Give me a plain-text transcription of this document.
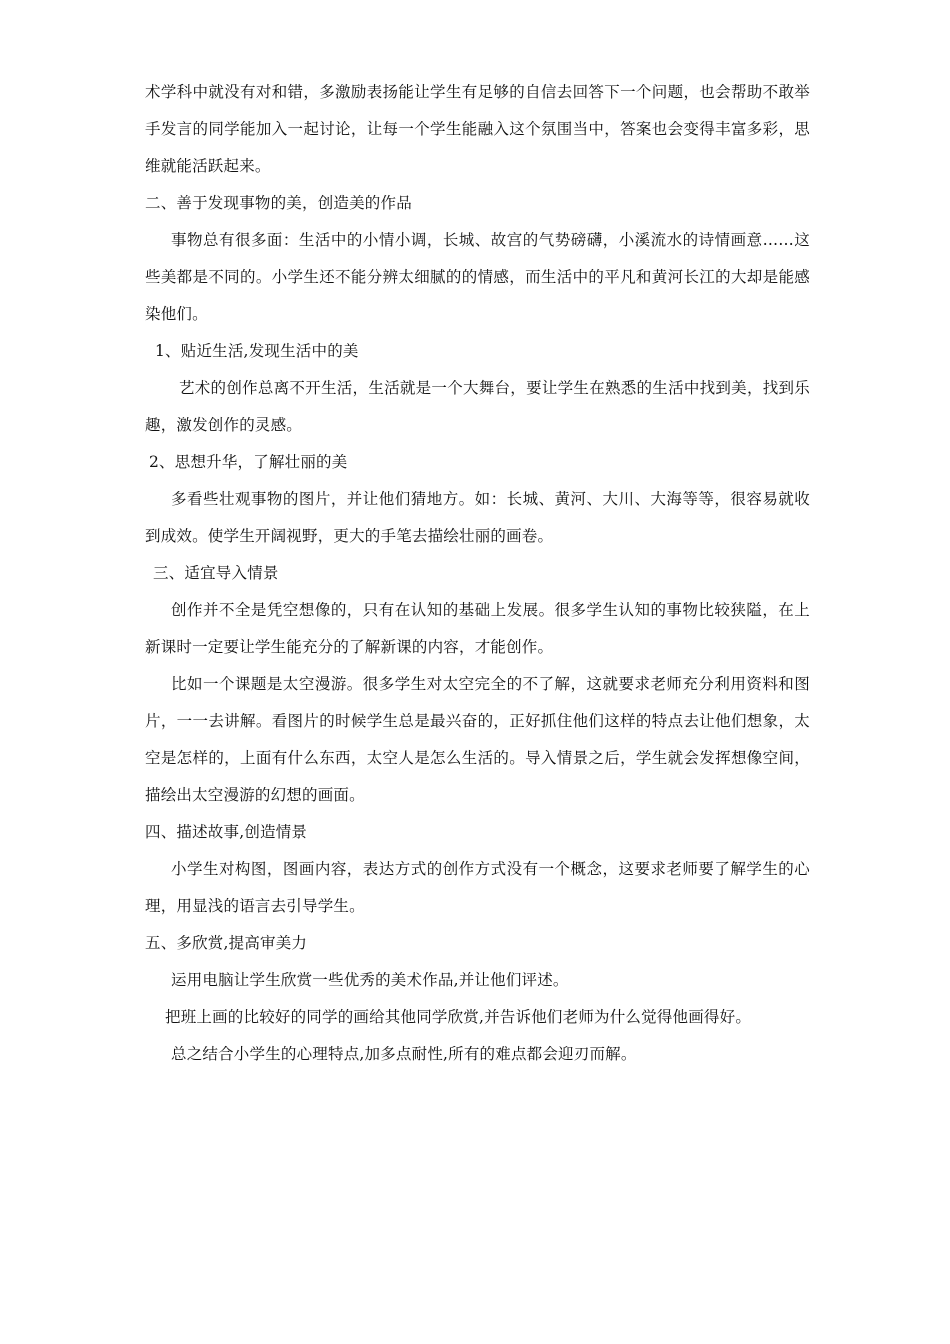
术学科中就没有对和错，多激励表扬能让学生有足够的自信去回答下一个问题，也会帮助不敢举手发言的同学能加入一起讨论，让每一个学生能融入这个氛围当中，答案也会变得丰富多彩，思维就能活跃起来。

二、善于发现事物的美，创造美的作品

事物总有很多面：生活中的小情小调，长城、故宫的气势磅礴，小溪流水的诗情画意……这些美都是不同的。小学生还不能分辨太细腻的的情感，而生活中的平凡和黄河长江的大却是能感染他们。

1、贴近生活,发现生活中的美

艺术的创作总离不开生活，生活就是一个大舞台，要让学生在熟悉的生活中找到美，找到乐趣，激发创作的灵感。

2、思想升华，了解壮丽的美

多看些壮观事物的图片，并让他们猜地方。如：长城、黄河、大川、大海等等，很容易就收到成效。使学生开阔视野，更大的手笔去描绘壮丽的画卷。

三、适宜导入情景

创作并不全是凭空想像的，只有在认知的基础上发展。很多学生认知的事物比较狭隘，在上新课时一定要让学生能充分的了解新课的内容，才能创作。

比如一个课题是太空漫游。很多学生对太空完全的不了解，这就要求老师充分利用资料和图片，一一去讲解。看图片的时候学生总是最兴奋的，正好抓住他们这样的特点去让他们想象，太空是怎样的，上面有什么东西，太空人是怎么生活的。导入情景之后，学生就会发挥想像空间，描绘出太空漫游的幻想的画面。

四、描述故事,创造情景

小学生对构图，图画内容，表达方式的创作方式没有一个概念，这要求老师要了解学生的心理，用显浅的语言去引导学生。

五、多欣赏,提高审美力

运用电脑让学生欣赏一些优秀的美术作品,并让他们评述。

把班上画的比较好的同学的画给其他同学欣赏,并告诉他们老师为什么觉得他画得好。

总之结合小学生的心理特点,加多点耐性,所有的难点都会迎刃而解。
